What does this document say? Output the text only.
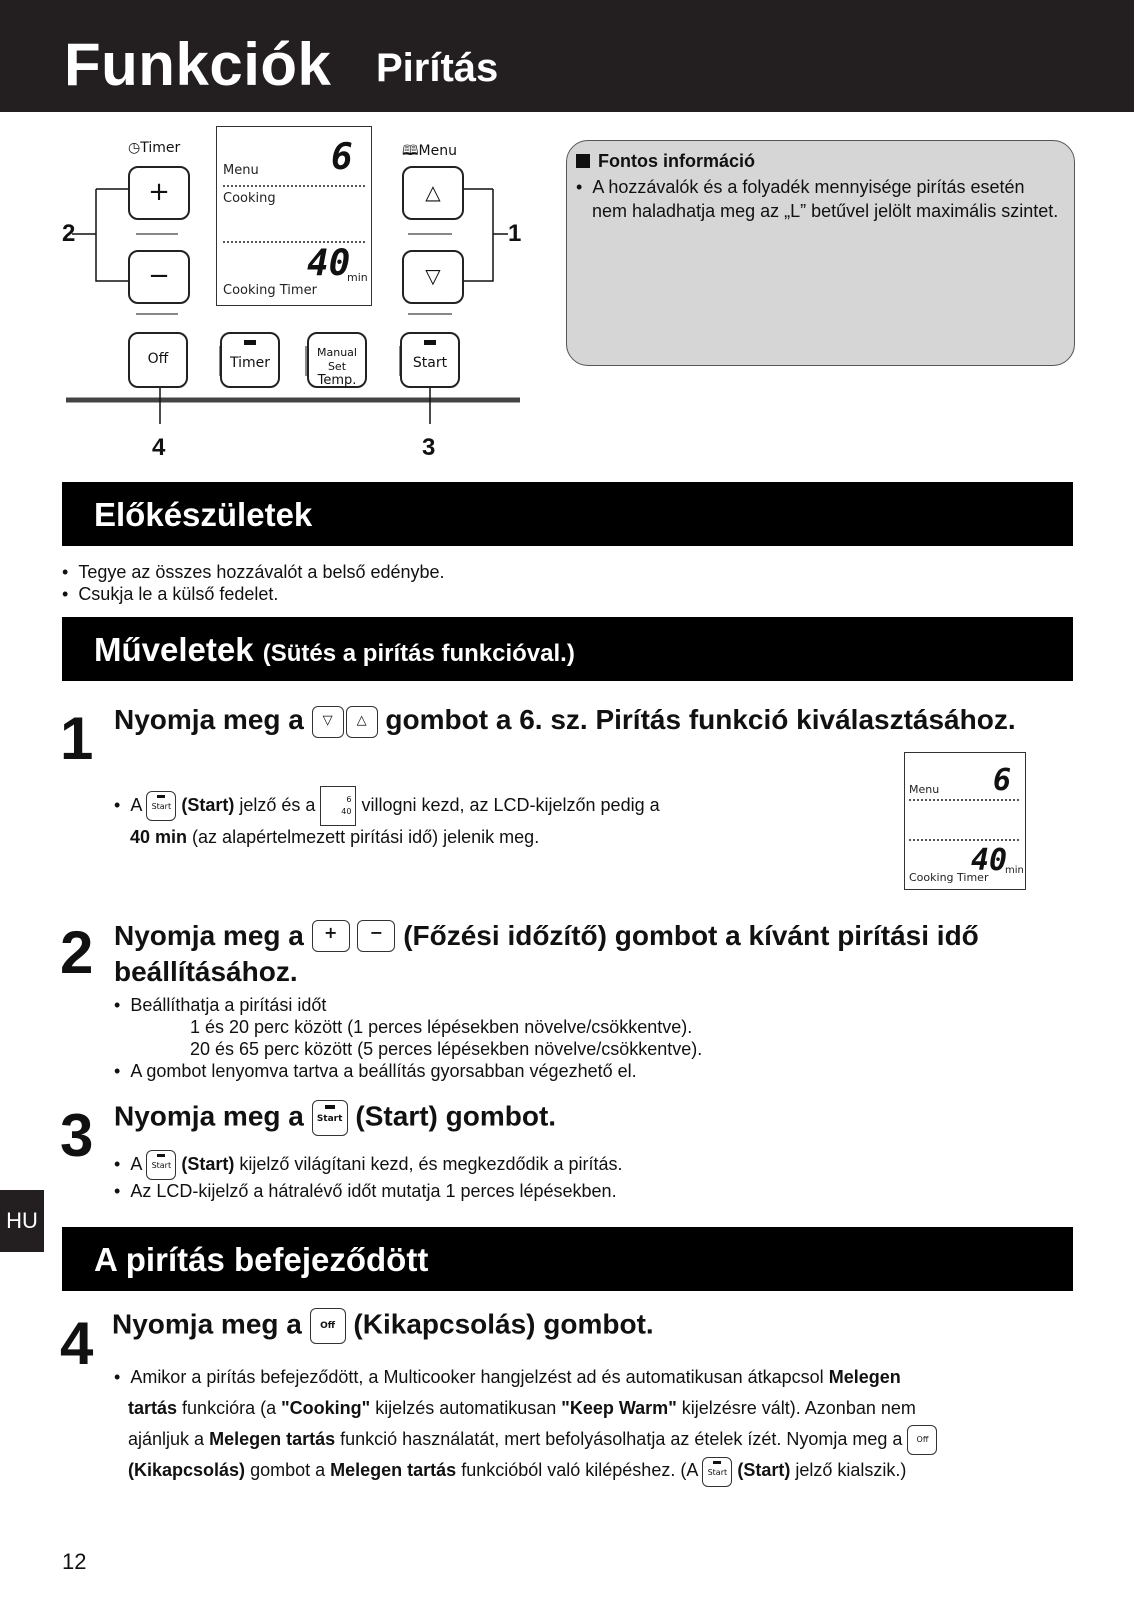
Funkciók Pirítás
◷Timer	🕮Menu
+
−
△
▽
Menu 6
Cooking
40
min
Cooking Timer
Off	Timer
Manual Set
Temp.
Start
2	1
4	3
Fontos információ
•  A hozzávalók és a folyadék mennyisége pirítás esetén nem haladhatja meg az „L” betűvel jelölt maximális szintet.
Előkészületek
•  Tegye az összes hozzávalót a belső edénybe.
•  Csukja le a külső fedelet.
Műveletek (Sütés a pirítás funkcióval.)
1 Nyomja meg a ▽ △ gombot a 6. sz. Pirítás funkció kiválasztásához.
•  A Start (Start) jelző és a	6
40 villogni kezd, az LCD-kijelzőn pedig a
40 min (az alapértelmezett pirítási idő) jelenik meg.
Menu 6
40
min
Cooking Timer
2 Nyomja meg a + − (Főzési időzítő) gombot a kívánt pirítási idő
beállításához.
•  Beállíthatja a pirítási időt
1 és 20 perc között (1 perces lépésekben növelve/csökkentve).
20 és 65 perc között (5 perces lépésekben növelve/csökkentve).
•  A gombot lenyomva tartva a beállítás gyorsabban végezhető el.
3 Nyomja meg a Start (Start) gombot.
•  A Start (Start) kijelző világítani kezd, és megkezdődik a pirítás.
•  Az LCD-kijelző a hátralévő időt mutatja 1 perces lépésekben.
HU
A pirítás befejeződött
4 Nyomja meg a Off (Kikapcsolás) gombot.
•  Amikor a pirítás befejeződött, a Multicooker hangjelzést ad és automatikusan átkapcsol Melegen
tartás funkcióra (a "Cooking" kijelzés automatikusan "Keep Warm" kijelzésre vált). Azonban nem
ajánljuk a Melegen tartás funkció használatát, mert befolyásolhatja az ételek ízét. Nyomja meg a Off
(Kikapcsolás) gombot a Melegen tartás funkcióból való kilépéshez. (A Start (Start) jelző kialszik.)
12
